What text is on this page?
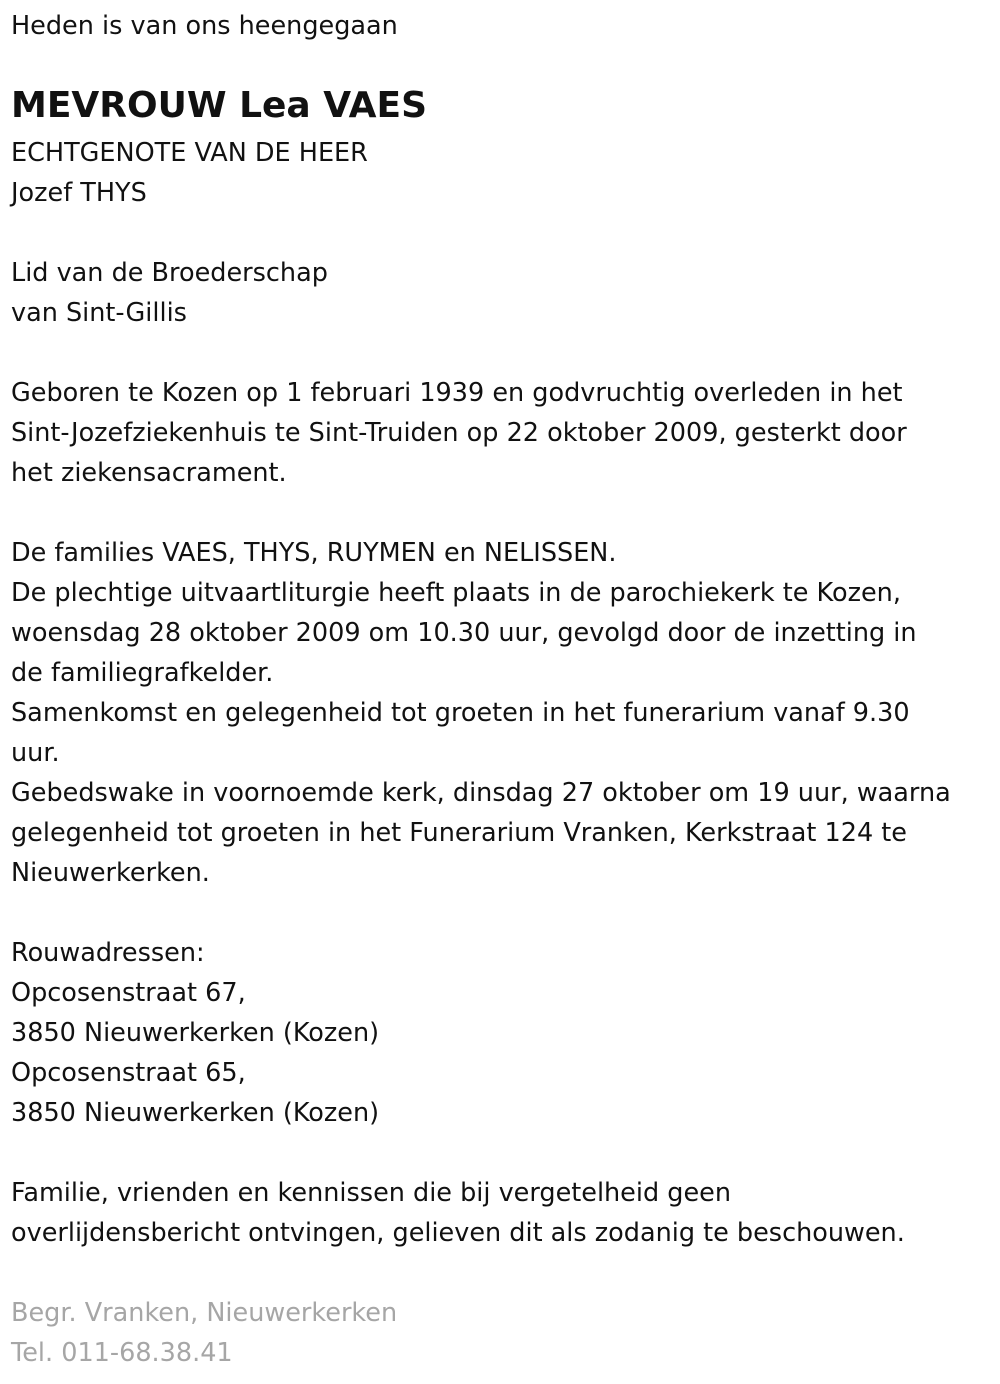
Heden is van ons heengegaan
MEVROUW Lea VAES
ECHTGENOTE VAN DE HEER
Jozef THYS
Lid van de Broederschap
van Sint-Gillis
Geboren te Kozen op 1 februari 1939 en godvruchtig overleden in het
Sint-Jozefziekenhuis te Sint-Truiden op 22 oktober 2009, gesterkt door
het ziekensacrament.
De families VAES, THYS, RUYMEN en NELISSEN.
De plechtige uitvaartliturgie heeft plaats in de parochiekerk te Kozen,
woensdag 28 oktober 2009 om 10.30 uur, gevolgd door de inzetting in
de familiegrafkelder.
Samenkomst en gelegenheid tot groeten in het funerarium vanaf 9.30
uur.
Gebedswake in voornoemde kerk, dinsdag 27 oktober om 19 uur, waarna
gelegenheid tot groeten in het Funerarium Vranken, Kerkstraat 124 te
Nieuwerkerken.
Rouwadressen:
Opcosenstraat 67,
3850 Nieuwerkerken (Kozen)
Opcosenstraat 65,
3850 Nieuwerkerken (Kozen)
Familie, vrienden en kennissen die bij vergetelheid geen
overlijdensbericht ontvingen, gelieven dit als zodanig te beschouwen.
Begr. Vranken, Nieuwerkerken
Tel. 011-68.38.41
